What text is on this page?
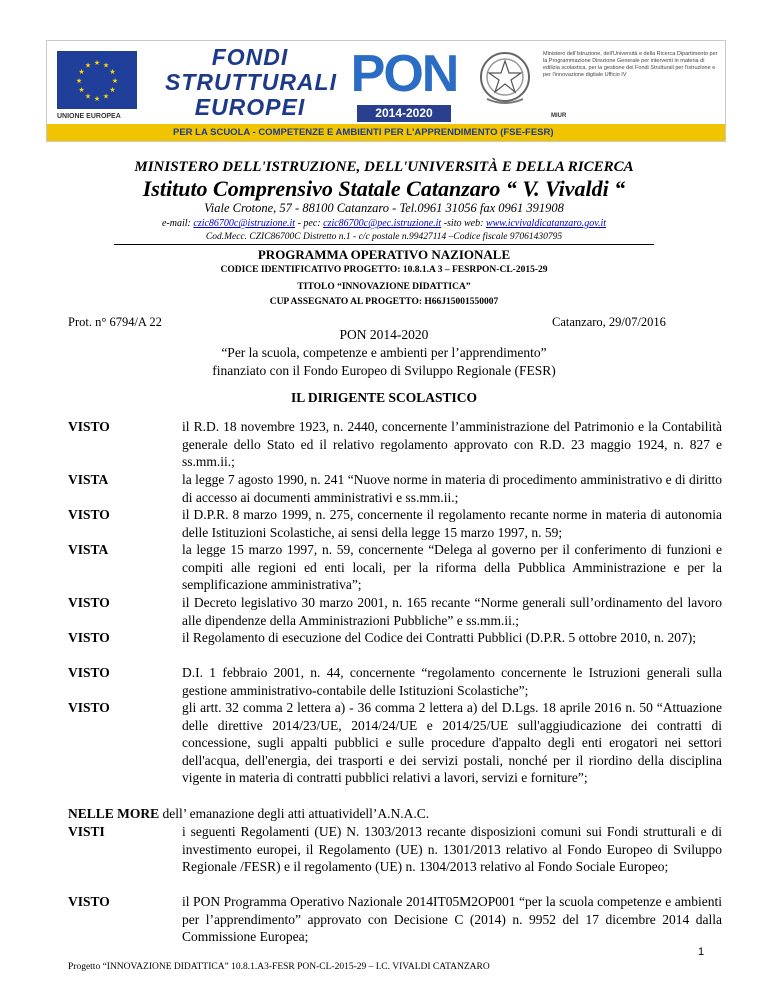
★ ★
★
★
★
★
★
★
★
★
★
★
UNIONE EUROPEA
FONDI
STRUTTURALI
EUROPEI
PON
2014-2020
Ministero dell'Istruzione, dell'Università e della Ricerca Dipartimento per la Programmazione Direzione Generale per interventi in materia di edilizia scolastica, per la gestione dei Fondi Strutturali per l'istruzione e per l'innovazione digitale Ufficio IV
MIUR
PER LA SCUOLA - COMPETENZE E AMBIENTI PER L'APPRENDIMENTO (FSE-FESR)
MINISTERO DELL'ISTRUZIONE, DELL'UNIVERSITÀ E DELLA RICERCA
Istituto Comprensivo Statale Catanzaro “ V. Vivaldi “
Viale Crotone, 57 - 88100 Catanzaro - Tel.0961 31056 fax 0961 391908
e-mail: czic86700c@istruzione.it - pec: czic86700c@pec.istruzione.it -sito web: www.icvivaldicatanzaro.gov.it
Cod.Mecc. CZIC86700C Distretto n.1 - c/c postale n.99427114 –Codice fiscale 97061430795
PROGRAMMA OPERATIVO NAZIONALE
CODICE IDENTIFICATIVO PROGETTO: 10.8.1.A 3 – FESRPON-CL-2015-29
TITOLO “INNOVAZIONE DIDATTICA”
CUP ASSEGNATO AL PROGETTO: H66J15001550007
Prot. n° 6794/A 22	Catanzaro, 29/07/2016
PON 2014-2020
“Per la scuola, competenze e ambienti per l’apprendimento”
finanziato con il Fondo Europeo di Sviluppo Regionale (FESR)
IL DIRIGENTE SCOLASTICO
VISTO	il R.D. 18 novembre 1923, n. 2440, concernente l’amministrazione del Patrimonio e la Contabilità generale dello Stato ed il relativo regolamento approvato con R.D. 23 maggio 1924, n. 827 e ss.mm.ii.;
VISTA	la legge 7 agosto 1990, n. 241 “Nuove norme in materia di procedimento amministrativo e di diritto di accesso ai documenti amministrativi e ss.mm.ii.;
VISTO	il D.P.R. 8 marzo 1999, n. 275, concernente il regolamento recante norme in materia di autonomia delle Istituzioni Scolastiche, ai sensi della legge 15 marzo 1997, n. 59;
VISTA	la legge 15 marzo 1997, n. 59, concernente “Delega al governo per il conferimento di funzioni e compiti alle regioni ed enti locali, per la riforma della Pubblica Amministrazione e per la semplificazione amministrativa”;
VISTO	il Decreto legislativo 30 marzo 2001, n. 165 recante “Norme generali sull’ordinamento del lavoro alle dipendenze della Amministrazioni Pubbliche” e ss.mm.ii.;
VISTO	il Regolamento di esecuzione del Codice dei Contratti Pubblici (D.P.R. 5 ottobre 2010, n. 207);
VISTO	D.I. 1 febbraio 2001, n. 44, concernente “regolamento concernente le Istruzioni generali sulla gestione amministrativo-contabile delle Istituzioni Scolastiche”;
VISTO	gli artt. 32 comma 2 lettera a) - 36 comma 2 lettera a) del D.Lgs. 18 aprile 2016 n. 50 “Attuazione delle direttive 2014/23/UE, 2014/24/UE e 2014/25/UE sull'aggiudicazione dei contratti di concessione, sugli appalti pubblici e sulle procedure d'appalto degli enti erogatori nei settori dell'acqua, dell'energia, dei trasporti e dei servizi postali, nonché per il riordino della disciplina vigente in materia di contratti pubblici relativi a lavori, servizi e forniture”;
NELLE MORE dell’ emanazione degli atti attuatividell’A.N.A.C.
VISTI	i seguenti Regolamenti (UE) N. 1303/2013 recante disposizioni comuni sui Fondi strutturali e di investimento europei, il Regolamento (UE) n. 1301/2013 relativo al Fondo Europeo di Sviluppo Regionale /FESR) e il regolamento (UE) n. 1304/2013 relativo al Fondo Sociale Europeo;
VISTO	il PON Programma Operativo Nazionale 2014IT05M2OP001 “per la scuola competenze e ambienti per l’apprendimento” approvato con Decisione C (2014) n. 9952 del 17 dicembre 2014 dalla Commissione Europea;
1
Progetto “INNOVAZIONE DIDATTICA” 10.8.1.A3-FESR PON-CL-2015-29 – I.C. VIVALDI CATANZARO
